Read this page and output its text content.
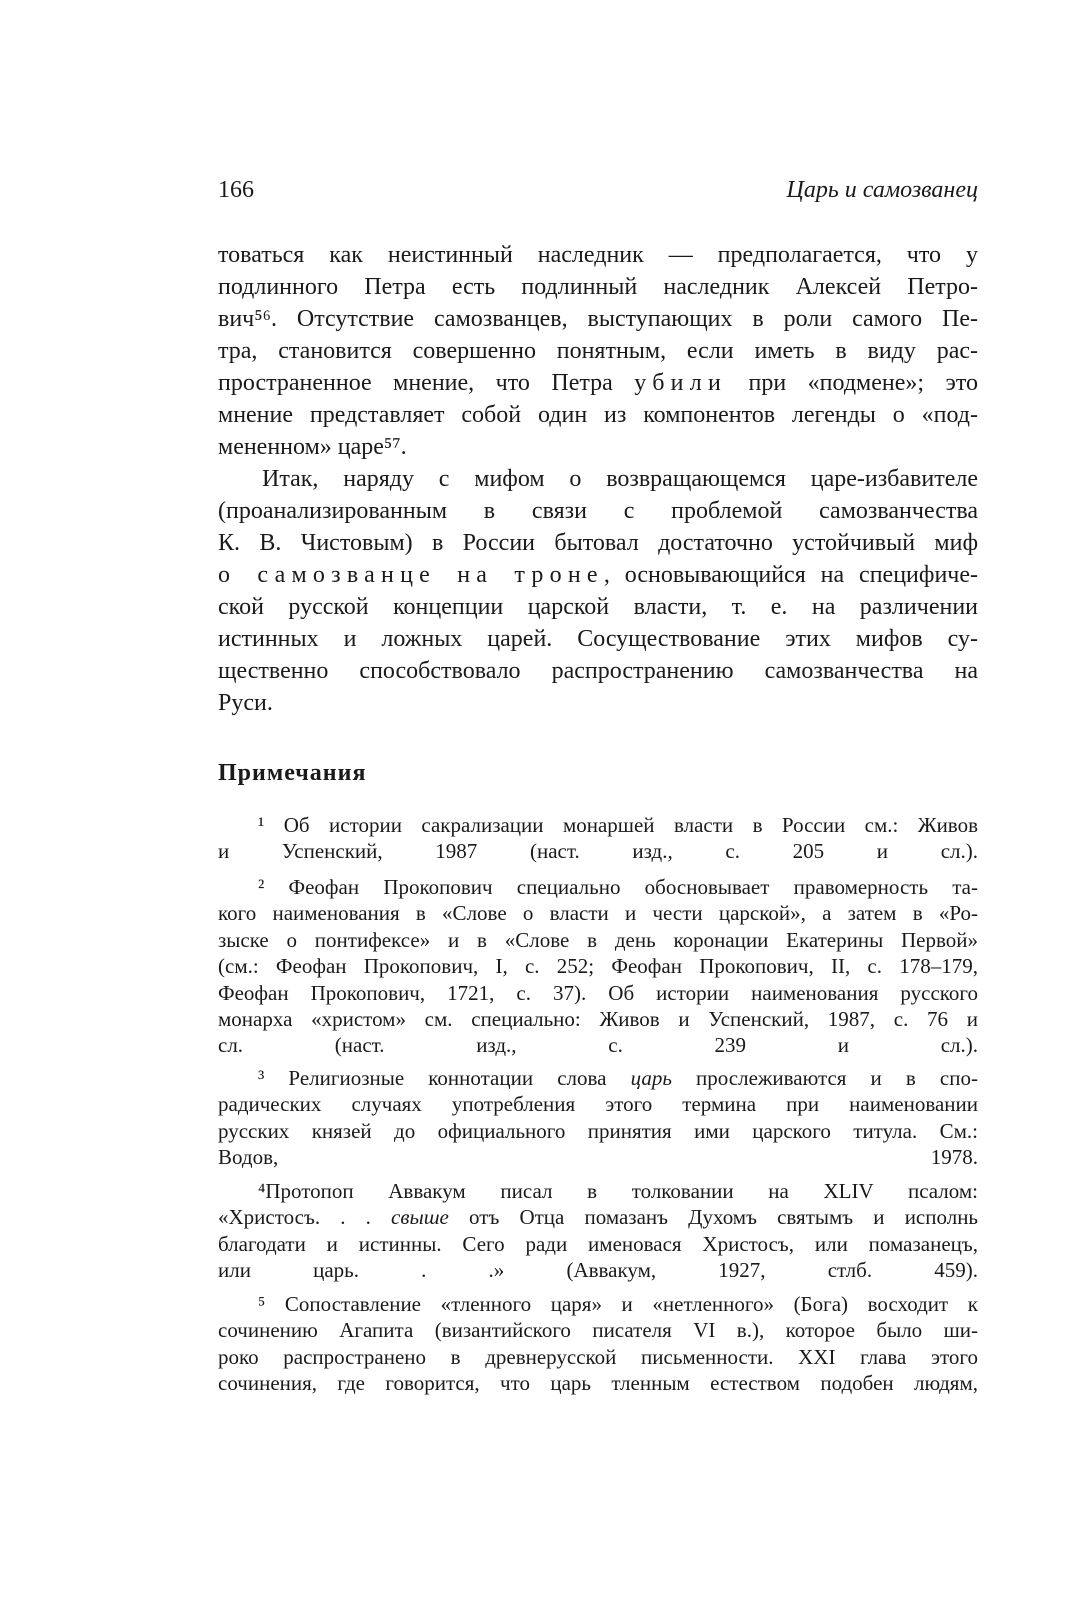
166	Царь и самозванец
товаться как неистинный наследник — предполагается, что у
подлинного Петра есть подлинный наследник Алексей Петро-
вич⁵⁶. Отсутствие самозванцев, выступающих в роли самого Пе-
тра, становится совершенно понятным, если иметь в виду рас-
пространенное мнение, что Петра убили при «подмене»; это
мнение представляет собой один из компонентов легенды о «под-
мененном» царе⁵⁷.
Итак, наряду с мифом о возвращающемся царе-избавителе
(проанализированным в связи с проблемой самозванчества
К. В. Чистовым) в России бытовал достаточно устойчивый миф
о самозванце на троне, основывающийся на специфиче-
ской русской концепции царской власти, т. е. на различении
истинных и ложных царей. Сосуществование этих мифов су-
щественно способствовало распространению самозванчества на
Руси.
Примечания
¹ Об истории сакрализации монаршей власти в России см.: Живов
и Успенский, 1987 (наст. изд., с. 205 и сл.).
² Феофан Прокопович специально обосновывает правомерность та-
кого наименования в «Слове о власти и чести царской», а затем в «Ро-
зыске о понтифексе» и в «Слове в день коронации Екатерины Первой»
(см.: Феофан Прокопович, I, с. 252; Феофан Прокопович, II, с. 178–179,
Феофан Прокопович, 1721, с. 37). Об истории наименования русского
монарха «христом» см. специально: Живов и Успенский, 1987, с. 76 и
сл. (наст. изд., с. 239 и сл.).
³ Религиозные коннотации слова царь прослеживаются и в спо-
радических случаях употребления этого термина при наименовании
русских князей до официального принятия ими царского титула. См.:
Водов, 1978.
⁴Протопоп Аввакум писал в толковании на XLIV псалом:
«Христосъ. . . свыше отъ Отца помазанъ Духомъ святымъ и исполнь
благодати и истинны. Сего ради именовася Христосъ, или помазанецъ,
или царь. . .» (Аввакум, 1927, стлб. 459).
⁵ Сопоставление «тленного царя» и «нетленного» (Бога) восходит к
сочинению Агапита (византийского писателя VI в.), которое было ши-
роко распространено в древнерусской письменности. XXI глава этого
сочинения, где говорится, что царь тленным естеством подобен людям,
